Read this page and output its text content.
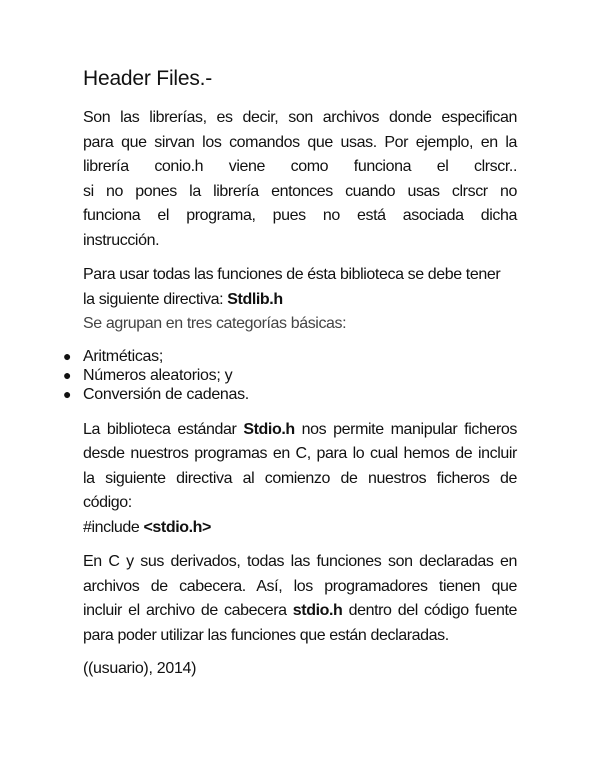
Header Files.-
Son las librerías, es decir, son archivos donde especifican
para que sirvan los comandos que usas. Por ejemplo, en la
librería conio.h viene como funciona el clrscr..
si no pones la librería entonces cuando usas clrscr no
funciona el programa, pues no está asociada dicha
instrucción.
Para usar todas las funciones de ésta biblioteca se debe tener
la siguiente directiva: Stdlib.h
Se agrupan en tres categorías básicas:
● Aritméticas;
● Números aleatorios; y
● Conversión de cadenas.
La biblioteca estándar Stdio.h nos permite manipular ficheros
desde nuestros programas en C, para lo cual hemos de incluir
la siguiente directiva al comienzo de nuestros ficheros de
código:
#include <stdio.h>
En C y sus derivados, todas las funciones son declaradas en
archivos de cabecera. Así, los programadores tienen que
incluir el archivo de cabecera stdio.h dentro del código fuente
para poder utilizar las funciones que están declaradas.
((usuario), 2014)
